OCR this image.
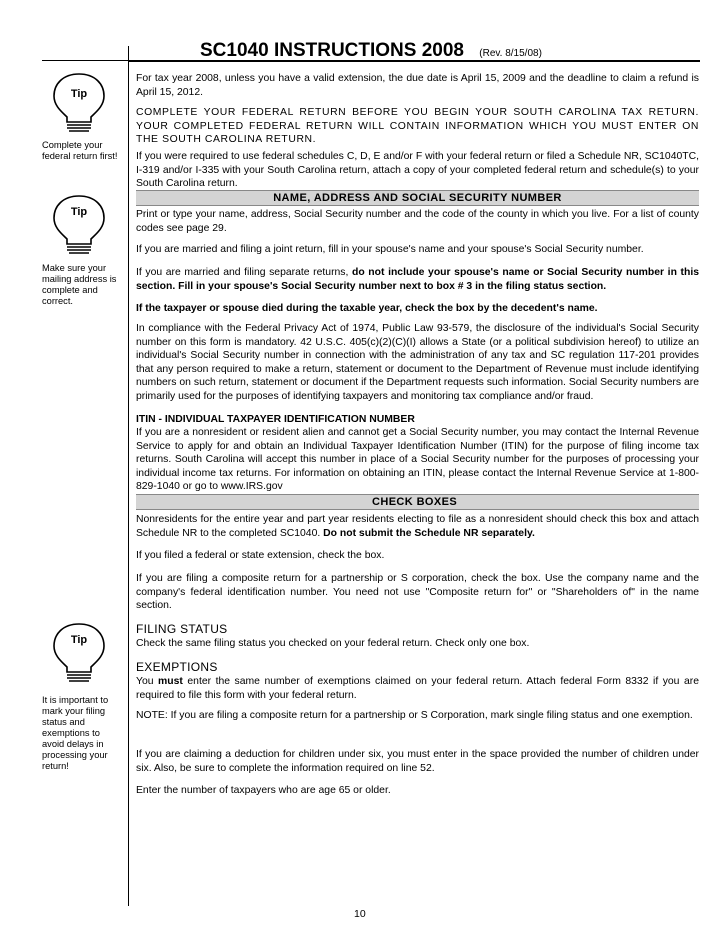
SC1040 INSTRUCTIONS 2008 (Rev. 8/15/08)
Tip
Complete your federal return first!
Tip
Make sure your mailing address is complete and correct.
Tip
It is important to mark your filing status and exemptions to avoid delays in processing your return!

For tax year 2008, unless you have a valid extension, the due date is April 15, 2009 and the deadline to claim a refund is April 15, 2012.

COMPLETE YOUR FEDERAL RETURN BEFORE YOU BEGIN YOUR SOUTH CAROLINA TAX RETURN. YOUR COMPLETED FEDERAL RETURN WILL CONTAIN INFORMATION WHICH YOU MUST ENTER ON THE SOUTH CAROLINA RETURN.

If you were required to use federal schedules C, D, E and/or F with your federal return or filed a Schedule NR, SC1040TC, I-319 and/or I-335 with your South Carolina return, attach a copy of your completed federal return and schedule(s) to your South Carolina return.

NAME, ADDRESS AND SOCIAL SECURITY NUMBER

Print or type your name, address, Social Security number and the code of the county in which you live. For a list of county codes see page 29.

If you are married and filing a joint return, fill in your spouse's name and your spouse's Social Security number.

If you are married and filing separate returns, do not include your spouse's name or Social Security number in this section. Fill in your spouse's Social Security number next to box # 3 in the filing status section.

If the taxpayer or spouse died during the taxable year, check the box by the decedent's name.

In compliance with the Federal Privacy Act of 1974, Public Law 93-579, the disclosure of the individual's Social Security number on this form is mandatory. 42 U.S.C. 405(c)(2)(C)(I) allows a State (or a political subdivision hereof) to utilize an individual's Social Security number in connection with the administration of any tax and SC regulation 117-201 provides that any person required to make a return, statement or document to the Department of Revenue must include identifying numbers on such return, statement or document if the Department requests such information. Social Security numbers are primarily used for the purposes of identifying taxpayers and monitoring tax compliance and/or fraud.

ITIN - INDIVIDUAL TAXPAYER IDENTIFICATION NUMBER

If you are a nonresident or resident alien and cannot get a Social Security number, you may contact the Internal Revenue Service to apply for and obtain an Individual Taxpayer Identification Number (ITIN) for the purpose of filing income tax returns. South Carolina will accept this number in place of a Social Security number for the purposes of processing your individual income tax returns. For information on obtaining an ITIN, please contact the Internal Revenue Service at 1-800-829-1040 or go to www.IRS.gov

CHECK BOXES

Nonresidents for the entire year and part year residents electing to file as a nonresident should check this box and attach Schedule NR to the completed SC1040. Do not submit the Schedule NR separately.

If you filed a federal or state extension, check the box.

If you are filing a composite return for a partnership or S corporation, check the box. Use the company name and the company's federal identification number. You need not use "Composite return for" or "Shareholders of" in the name section.

FILING STATUS

Check the same filing status you checked on your federal return. Check only one box.

EXEMPTIONS

You must enter the same number of exemptions claimed on your federal return. Attach federal Form 8332 if you are required to file this form with your federal return.

NOTE: If you are filing a composite return for a partnership or S Corporation, mark single filing status and one exemption.

If you are claiming a deduction for children under six, you must enter in the space provided the number of children under six. Also, be sure to complete the information required on line 52.

Enter the number of taxpayers who are age 65 or older.

10
